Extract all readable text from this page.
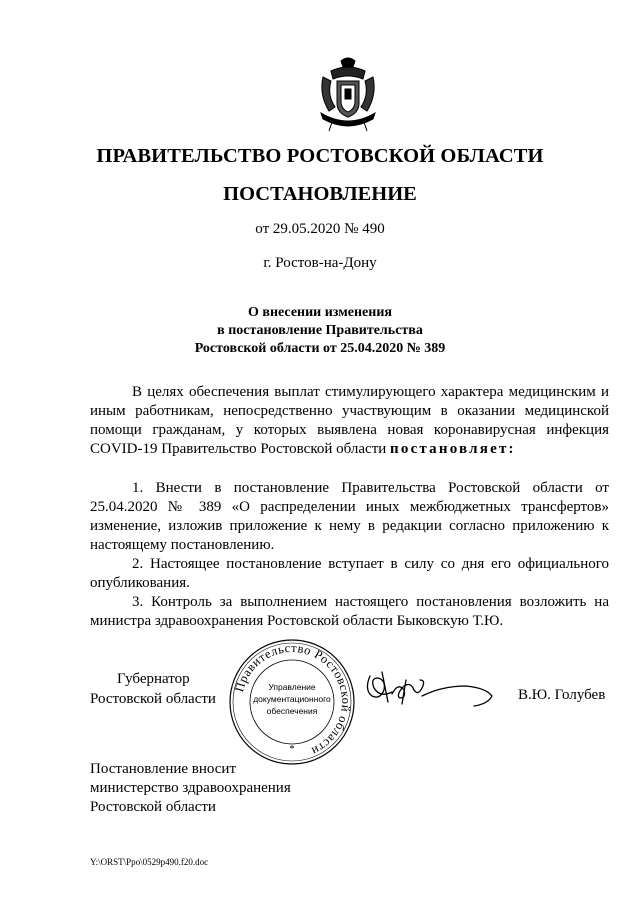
ПРАВИТЕЛЬСТВО РОСТОВСКОЙ ОБЛАСТИ
ПОСТАНОВЛЕНИЕ
от 29.05.2020 № 490
г. Ростов-на-Дону
О внесении изменения
в постановление Правительства
Ростовской области от 25.04.2020 № 389

В целях обеспечения выплат стимулирующего характера медицинским и иным работникам, непосредственно участвующим в оказании медицинской помощи гражданам, у которых выявлена новая коронавирусная инфекция COVID-19 Правительство Ростовской области постановляет:

1. Внести в постановление Правительства Ростовской области от 25.04.2020 № 389 «О распределении иных межбюджетных трансфертов» изменение, изложив приложение к нему в редакции согласно приложению к настоящему постановлению.

2. Настоящее постановление вступает в силу со дня его официального опубликования.

3. Контроль за выполнением настоящего постановления возложить на министра здравоохранения Ростовской области Быковскую Т.Ю.

Губернатор
Ростовской области
Правительство Ростовской области
Управление
документационного
обеспечения
*
В.Ю. Голубев
Постановление вносит
министерство здравоохранения
Ростовской области
Y:\ORST\Ppo\0529p490.f20.doc
